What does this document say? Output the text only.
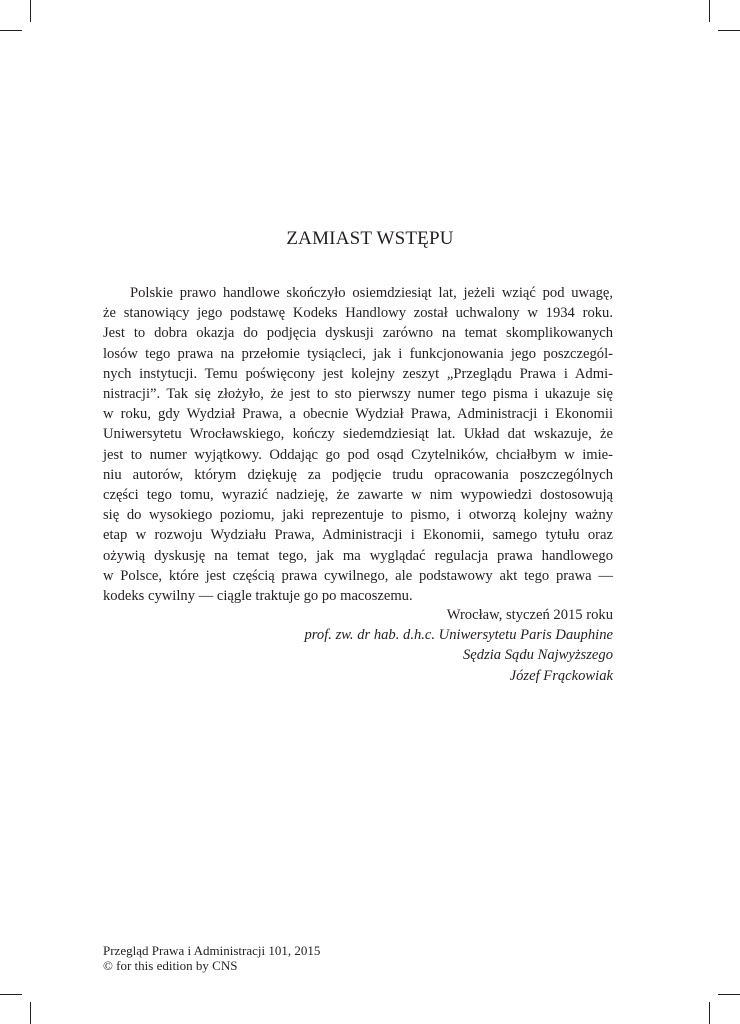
ZAMIAST WSTĘPU
Polskie prawo handlowe skończyło osiemdziesiąt lat, jeżeli wziąć pod uwagę,
że stanowiący jego podstawę Kodeks Handlowy został uchwalony w 1934 roku.
Jest to dobra okazja do podjęcia dyskusji zarówno na temat skomplikowanych
losów tego prawa na przełomie tysiącleci, jak i funkcjonowania jego poszczegól-
nych instytucji. Temu poświęcony jest kolejny zeszyt „Przeglądu Prawa i Admi-
nistracji”. Tak się złożyło, że jest to sto pierwszy numer tego pisma i ukazuje się
w roku, gdy Wydział Prawa, a obecnie Wydział Prawa, Administracji i Ekonomii
Uniwersytetu Wrocławskiego, kończy siedemdziesiąt lat. Układ dat wskazuje, że
jest to numer wyjątkowy. Oddając go pod osąd Czytelników, chciałbym w imie-
niu autorów, którym dziękuję za podjęcie trudu opracowania poszczególnych
części tego tomu, wyrazić nadzieję, że zawarte w nim wypowiedzi dostosowują
się do wysokiego poziomu, jaki reprezentuje to pismo, i otworzą kolejny ważny
etap w rozwoju Wydziału Prawa, Administracji i Ekonomii, samego tytułu oraz
ożywią dyskusję na temat tego, jak ma wyglądać regulacja prawa handlowego
w Polsce, które jest częścią prawa cywilnego, ale podstawowy akt tego prawa —
kodeks cywilny — ciągle traktuje go po macoszemu.
Wrocław, styczeń 2015 roku
prof. zw. dr hab. d.h.c. Uniwersytetu Paris Dauphine
Sędzia Sądu Najwyższego
Józef Frąckowiak
Przegląd Prawa i Administracji 101, 2015
© for this edition by CNS
